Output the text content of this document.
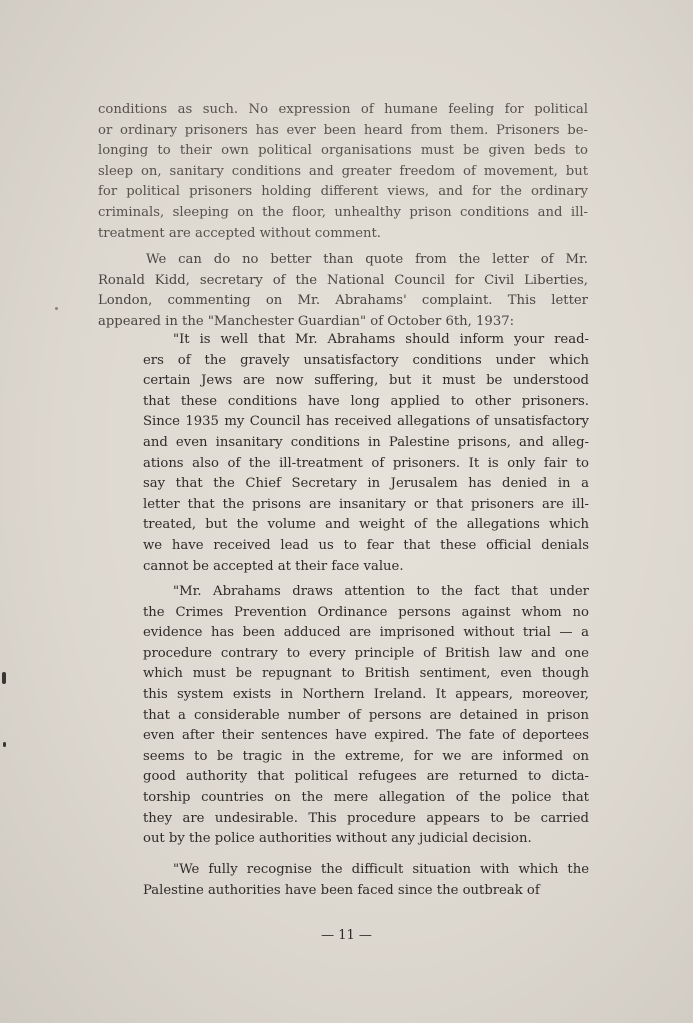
conditions as such. No expression of humane feeling for political
or ordinary prisoners has ever been heard from them. Prisoners be-
longing to their own political organisations must be given beds to
sleep on, sanitary conditions and greater freedom of movement, but
for political prisoners holding different views, and for the ordinary
criminals, sleeping on the floor, unhealthy prison conditions and ill-
treatment are accepted without comment.
We can do no better than quote from the letter of Mr.
Ronald Kidd, secretary of the National Council for Civil Liberties,
London, commenting on Mr. Abrahams' complaint. This letter
appeared in the "Manchester Guardian" of October 6th, 1937:
"It is well that Mr. Abrahams should inform your read-
ers of the gravely unsatisfactory conditions under which
certain Jews are now suffering, but it must be understood
that these conditions have long applied to other prisoners.
Since 1935 my Council has received allegations of unsatisfactory
and even insanitary conditions in Palestine prisons, and alleg-
ations also of the ill-treatment of prisoners. It is only fair to
say that the Chief Secretary in Jerusalem has denied in a
letter that the prisons are insanitary or that prisoners are ill-
treated, but the volume and weight of the allegations which
we have received lead us to fear that these official denials
cannot be accepted at their face value.
"Mr. Abrahams draws attention to the fact that under
the Crimes Prevention Ordinance persons against whom no
evidence has been adduced are imprisoned without trial — a
procedure contrary to every principle of British law and one
which must be repugnant to British sentiment, even though
this system exists in Northern Ireland. It appears, moreover,
that a considerable number of persons are detained in prison
even after their sentences have expired. The fate of deportees
seems to be tragic in the extreme, for we are informed on
good authority that political refugees are returned to dicta-
torship countries on the mere allegation of the police that
they are undesirable. This procedure appears to be carried
out by the police authorities without any judicial decision.
"We fully recognise the difficult situation with which the
Palestine authorities have been faced since the outbreak of
— 11 —
